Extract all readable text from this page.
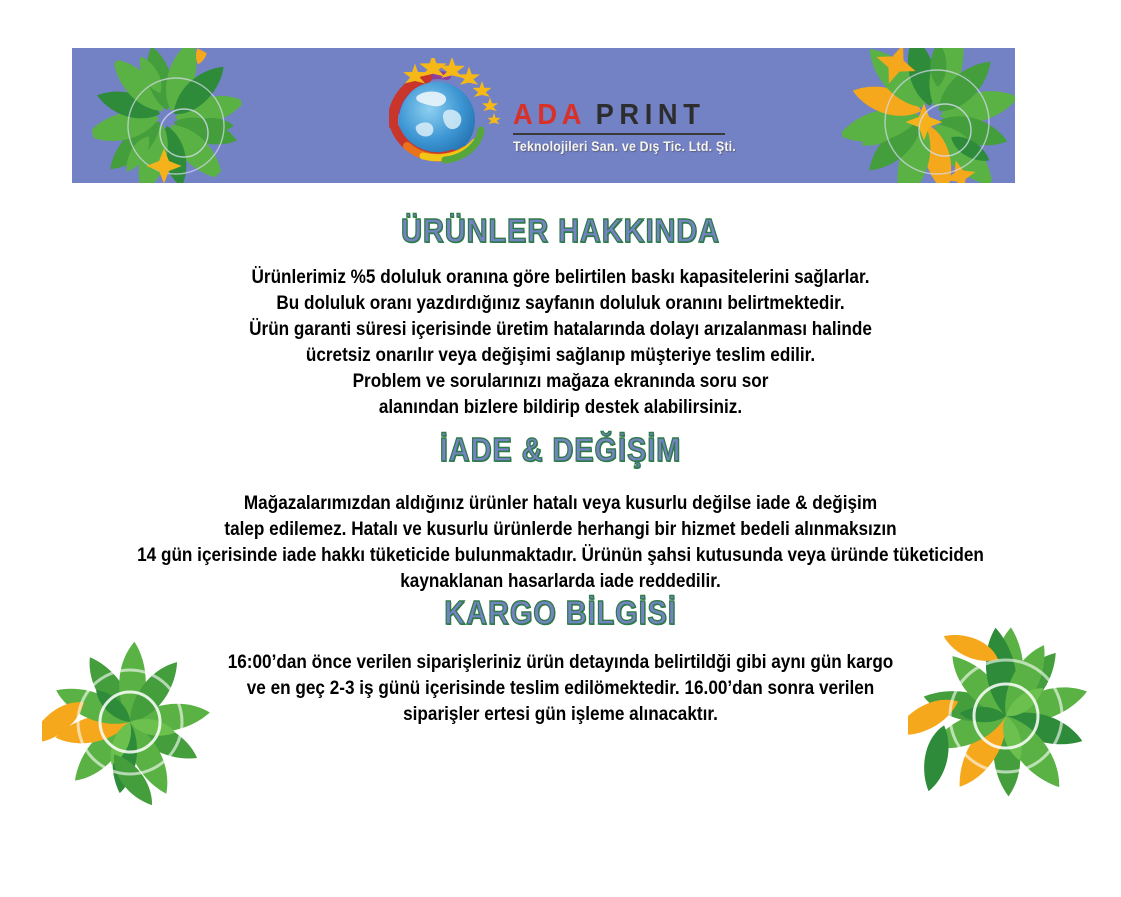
ADA PRINT
Teknolojileri San. ve Dış Tic. Ltd. Şti.
ÜRÜNLER HAKKINDA
Ürünlerimiz %5 doluluk oranına göre belirtilen baskı kapasitelerini sağlarlar.
Bu doluluk oranı yazdırdığınız sayfanın doluluk oranını belirtmektedir.
Ürün garanti süresi içerisinde üretim hatalarında dolayı arızalanması halinde
ücretsiz onarılır veya değişimi sağlanıp müşteriye teslim edilir.
Problem ve sorularınızı mağaza ekranında soru sor
alanından bizlere bildirip destek alabilirsiniz.
İADE & DEĞİŞİM
Mağazalarımızdan aldığınız ürünler hatalı veya kusurlu değilse iade & değişim
talep edilemez. Hatalı ve kusurlu ürünlerde herhangi bir hizmet bedeli alınmaksızın
14 gün içerisinde iade hakkı tüketicide bulunmaktadır. Ürünün şahsi kutusunda veya üründe tüketiciden
kaynaklanan hasarlarda iade reddedilir.
KARGO BİLGİSİ
16:00’dan önce verilen siparişleriniz ürün detayında belirtildği gibi aynı gün kargo
ve en geç 2-3 iş günü içerisinde teslim edilömektedir. 16.00’dan sonra verilen
siparişler ertesi gün işleme alınacaktır.
